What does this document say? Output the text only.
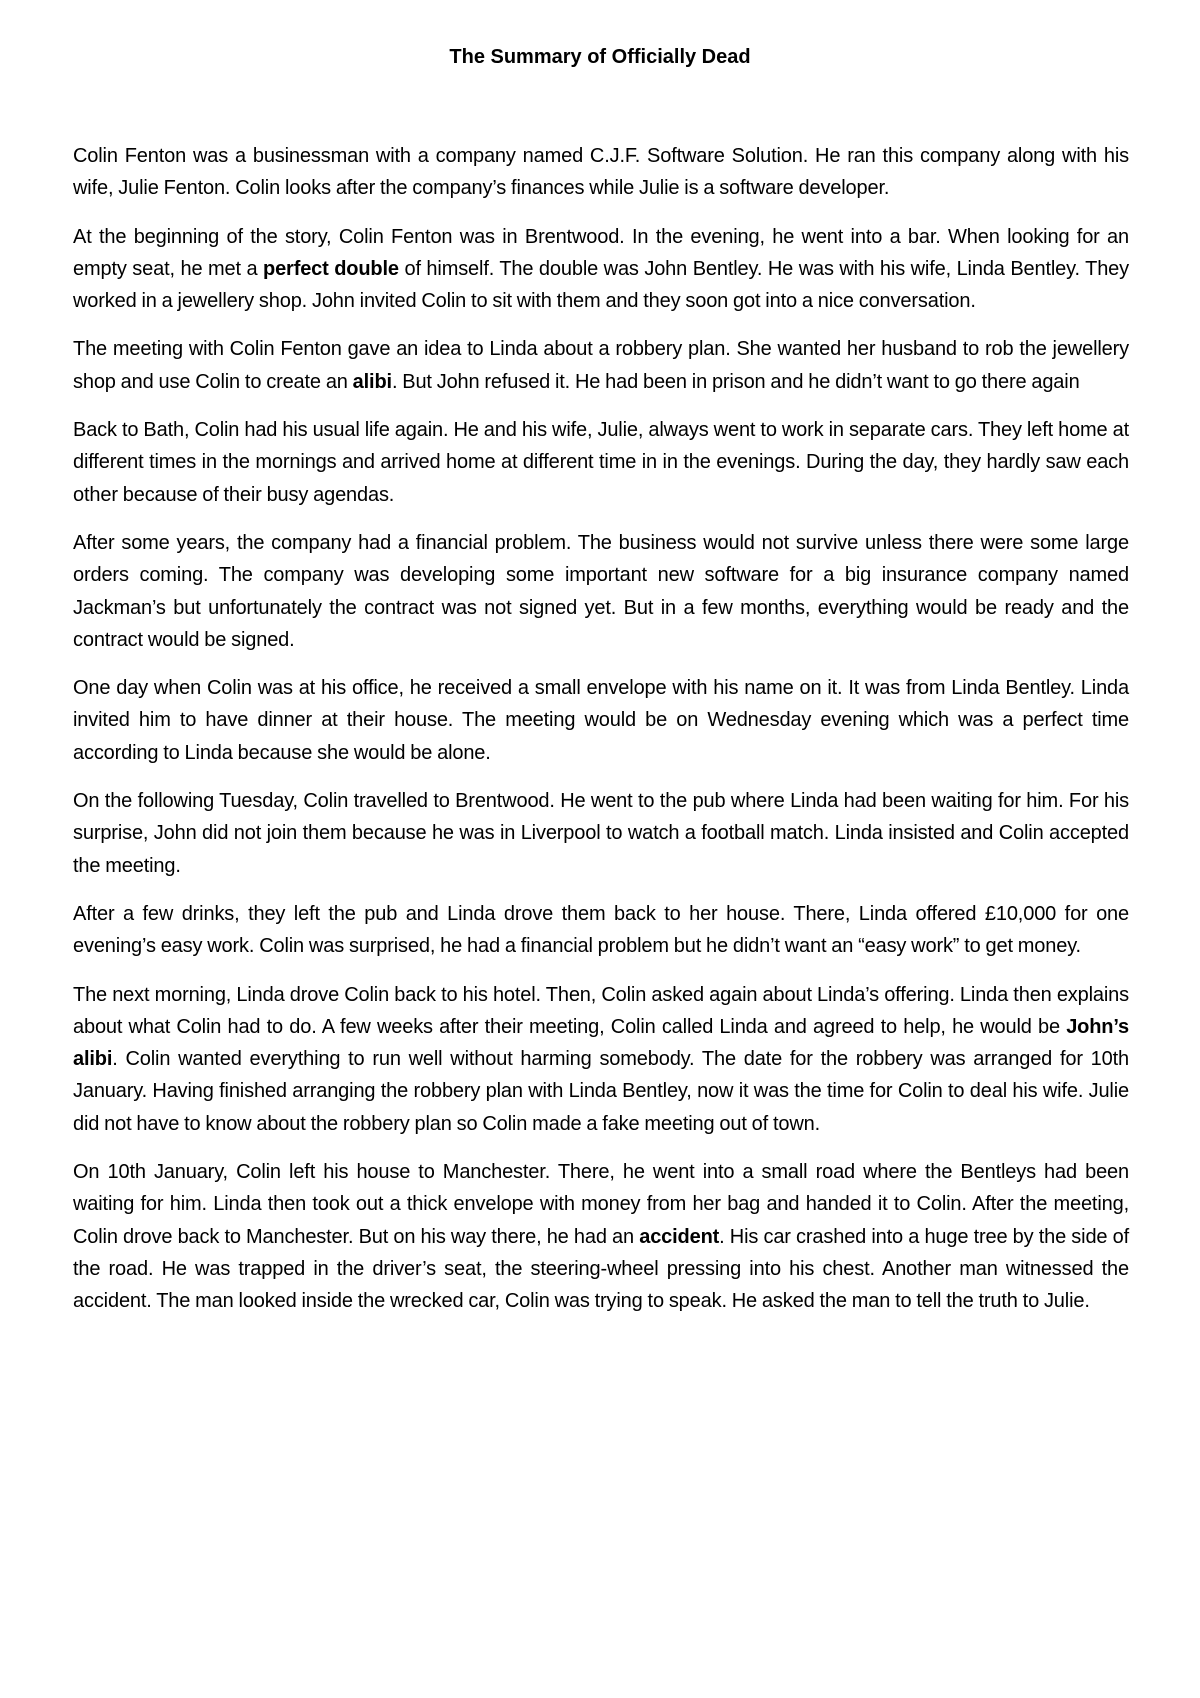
The Summary of Officially Dead

Colin Fenton was a businessman with a company named C.J.F. Software Solution. He ran this company along with his wife, Julie Fenton. Colin looks after the company’s finances while Julie is a software developer.

At the beginning of the story, Colin Fenton was in Brentwood. In the evening, he went into a bar. When looking for an empty seat, he met a perfect double of himself. The double was John Bentley. He was with his wife, Linda Bentley. They worked in a jewellery shop. John invited Colin to sit with them and they soon got into a nice conversation.

The meeting with Colin Fenton gave an idea to Linda about a robbery plan. She wanted her husband to rob the jewellery shop and use Colin to create an alibi. But John refused it. He had been in prison and he didn’t want to go there again

Back to Bath, Colin had his usual life again. He and his wife, Julie, always went to work in separate cars. They left home at different times in the mornings and arrived home at different time in in the evenings. During the day, they hardly saw each other because of their busy agendas.

After some years, the company had a financial problem. The business would not survive unless there were some large orders coming. The company was developing some important new software for a big insurance company named Jackman’s but unfortunately the contract was not signed yet. But in a few months, everything would be ready and the contract would be signed.

One day when Colin was at his office, he received a small envelope with his name on it. It was from Linda Bentley. Linda invited him to have dinner at their house. The meeting would be on Wednesday evening which was a perfect time according to Linda because she would be alone.

On the following Tuesday, Colin travelled to Brentwood. He went to the pub where Linda had been waiting for him. For his surprise, John did not join them because he was in Liverpool to watch a football match. Linda insisted and Colin accepted the meeting.

After a few drinks, they left the pub and Linda drove them back to her house. There, Linda offered £10,000 for one evening’s easy work. Colin was surprised, he had a financial problem but he didn’t want an “easy work” to get money.

The next morning, Linda drove Colin back to his hotel. Then, Colin asked again about Linda’s offering. Linda then explains about what Colin had to do. A few weeks after their meeting, Colin called Linda and agreed to help, he would be John’s alibi. Colin wanted everything to run well without harming somebody. The date for the robbery was arranged for 10th January. Having finished arranging the robbery plan with Linda Bentley, now it was the time for Colin to deal his wife. Julie did not have to know about the robbery plan so Colin made a fake meeting out of town.

On 10th January, Colin left his house to Manchester. There, he went into a small road where the Bentleys had been waiting for him. Linda then took out a thick envelope with money from her bag and handed it to Colin. After the meeting, Colin drove back to Manchester. But on his way there, he had an accident. His car crashed into a huge tree by the side of the road. He was trapped in the driver’s seat, the steering-wheel pressing into his chest. Another man witnessed the accident. The man looked inside the wrecked car, Colin was trying to speak. He asked the man to tell the truth to Julie.
